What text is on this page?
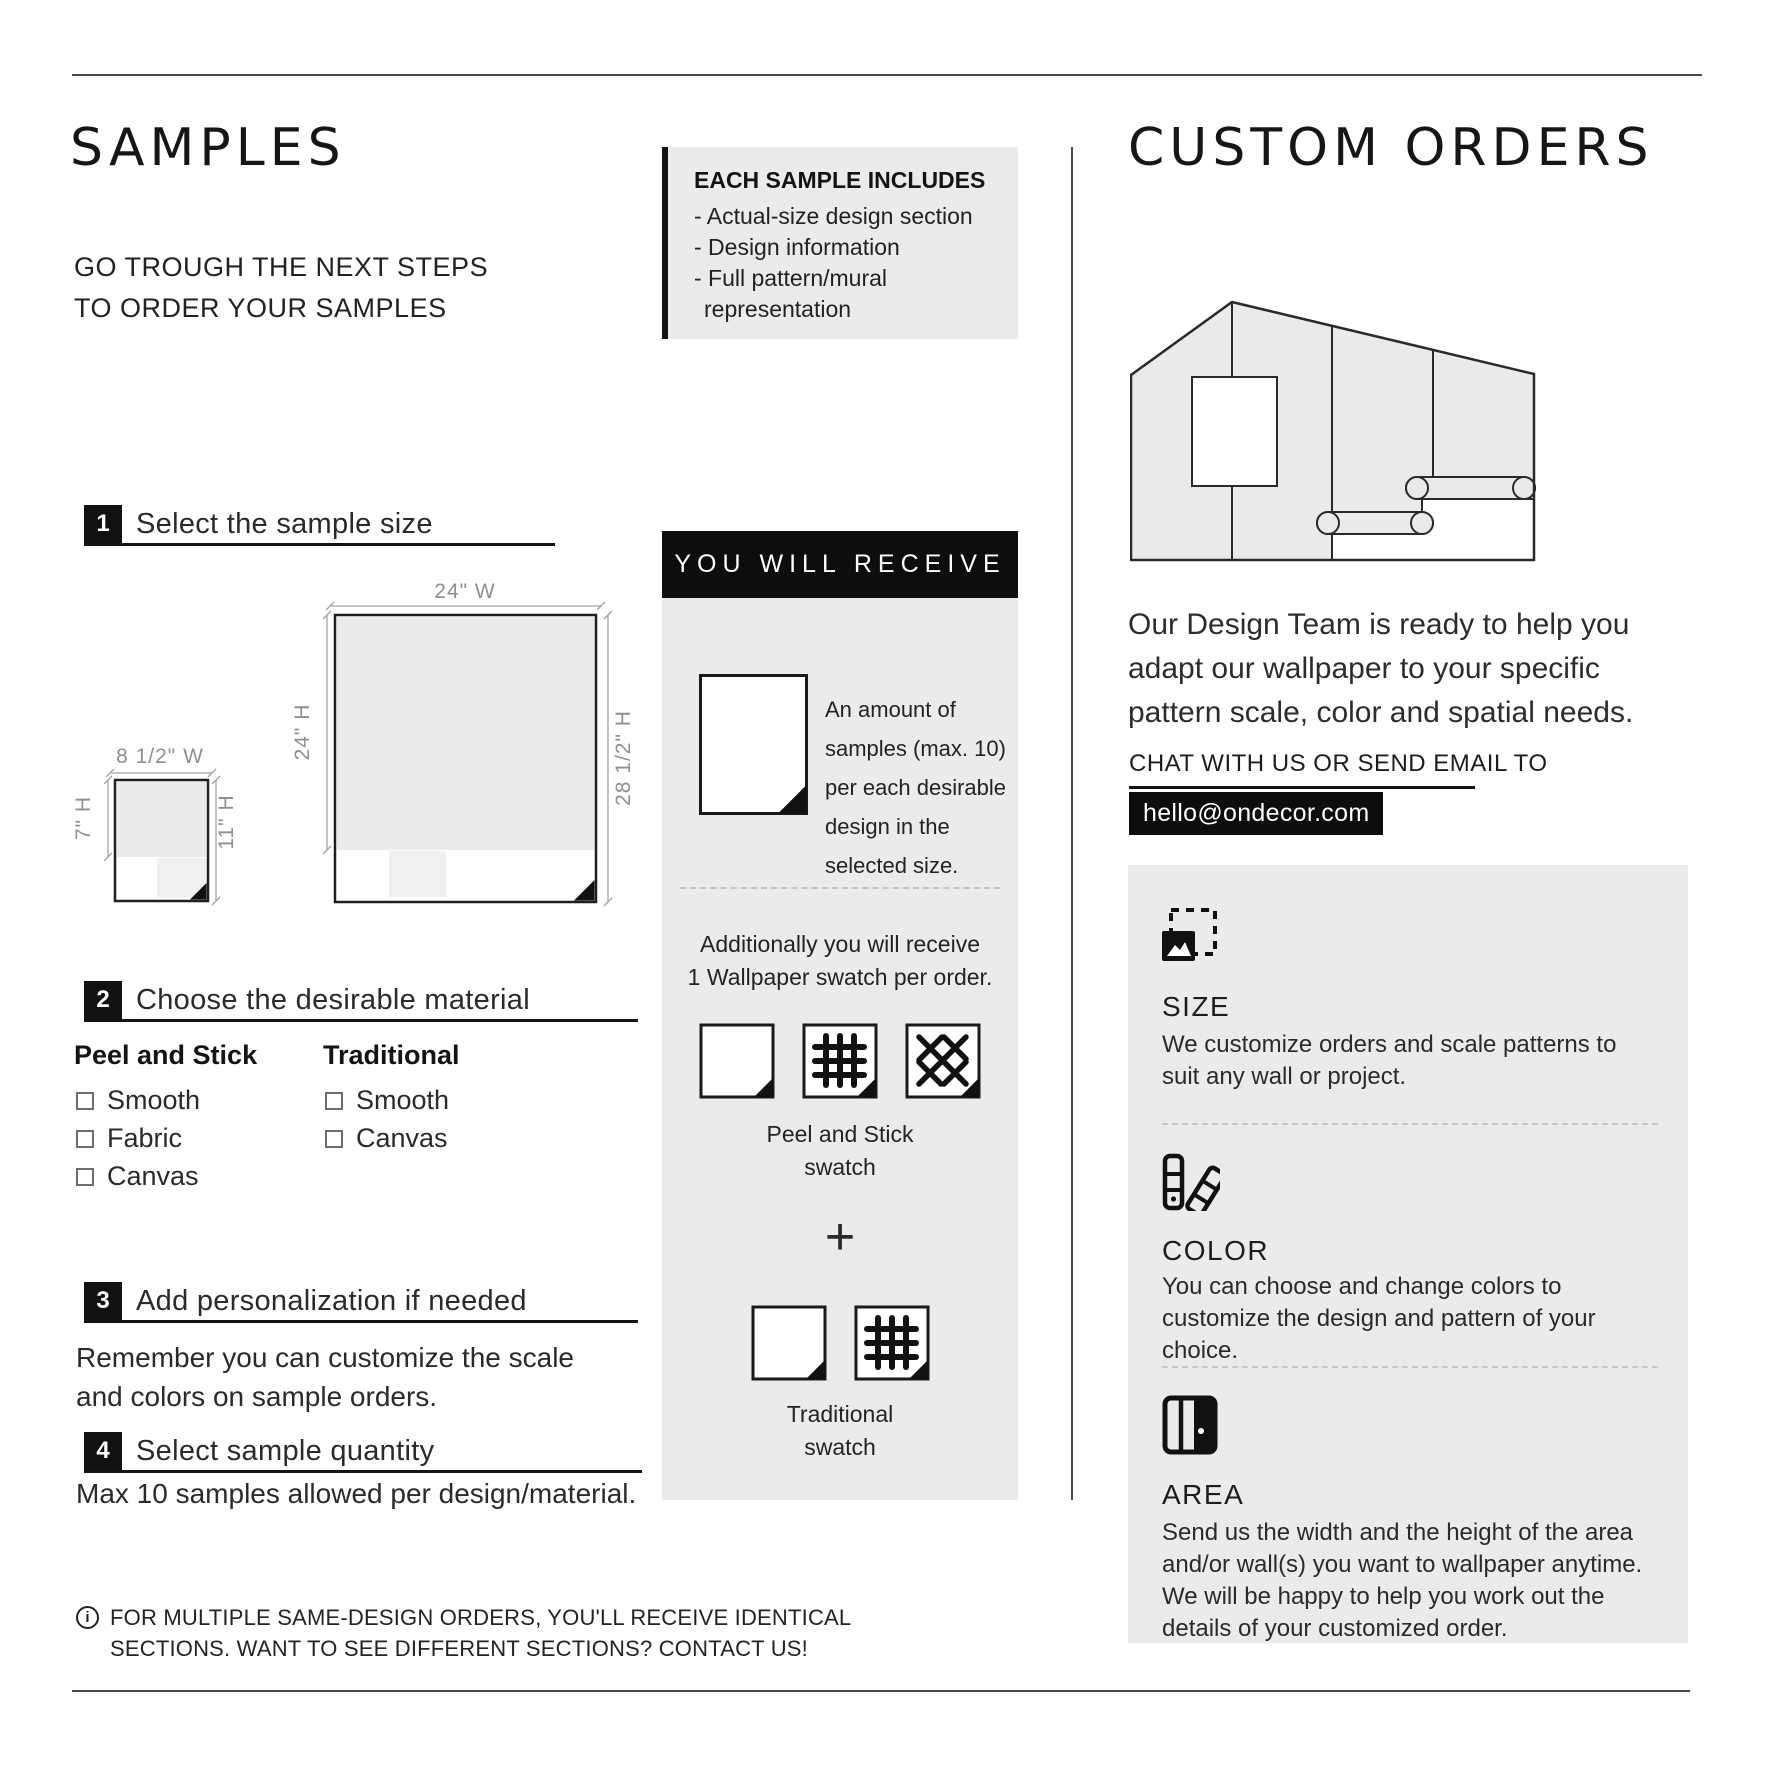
SAMPLES
GO TROUGH THE NEXT STEPS
TO ORDER YOUR SAMPLES
EACH SAMPLE INCLUDES
- Actual-size design section
- Design information
- Full pattern/mural
representation
1 Select the sample size
8 1/2" W
7" H	11" H
24" W
24" H	28 1/2" H
2 Choose the desirable material
Peel and Stick Traditional
Smooth
Fabric
Canvas
Smooth
Canvas
3 Add personalization if needed
Remember you can customize the scale
and colors on sample orders.
4 Select sample quantity
Max 10 samples allowed per design/material.
i FOR MULTIPLE SAME-DESIGN ORDERS, YOU'LL RECEIVE IDENTICAL
SECTIONS. WANT TO SEE DIFFERENT SECTIONS? CONTACT US!
YOU WILL RECEIVE
An amount of samples (max. 10) per each desirable design in the selected size.
Additionally you will receive
1 Wallpaper swatch per order.
Peel and Stick
swatch
+
Traditional
swatch
CUSTOM ORDERS
Our Design Team is ready to help you
adapt our wallpaper to your specific
pattern scale, color and spatial needs.
CHAT WITH US OR SEND EMAIL TO
hello@ondecor.com
SIZE
We customize orders and scale patterns to suit any wall or project.
COLOR
You can choose and change colors to customize the design and pattern of your choice.
AREA
Send us the width and the height of the area and/or wall(s) you want to wallpaper anytime. We will be happy to help you work out the details of your customized order.
